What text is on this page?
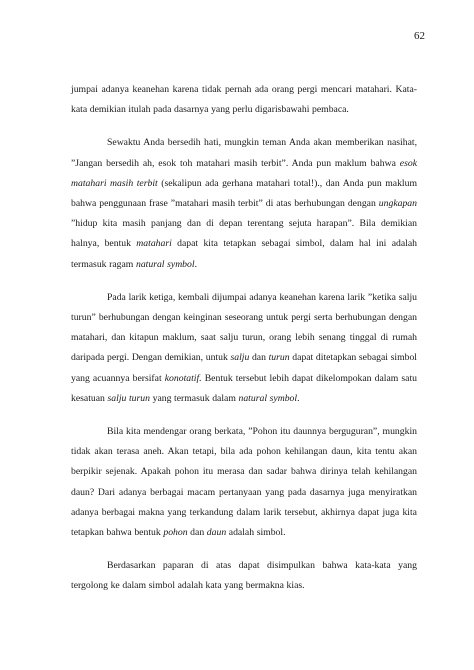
62

jumpai adanya keanehan karena tidak pernah ada orang pergi mencari matahari. Kata-kata demikian itulah pada dasarnya yang perlu digarisbawahi pembaca.

Sewaktu Anda bersedih hati, mungkin teman Anda akan memberikan nasihat, ”Jangan bersedih ah, esok toh matahari masih terbit”. Anda pun maklum bahwa esok matahari masih terbit (sekalipun ada gerhana matahari total!)., dan Anda pun maklum bahwa penggunaan frase ”matahari masih terbit” di atas berhubungan dengan ungkapan ”hidup kita masih panjang dan di depan terentang sejuta harapan”. Bila demikian halnya, bentuk matahari dapat kita tetapkan sebagai simbol, dalam hal ini adalah termasuk ragam natural symbol.

Pada larik ketiga, kembali dijumpai adanya keanehan karena larik ”ketika salju turun” berhubungan dengan keinginan seseorang untuk pergi serta berhubungan dengan matahari, dan kitapun maklum, saat salju turun, orang lebih senang tinggal di rumah daripada pergi. Dengan demikian, untuk salju dan turun dapat ditetapkan sebagai simbol yang acuannya bersifat konotatif. Bentuk tersebut lebih dapat dikelompokan dalam satu kesatuan salju turun yang termasuk dalam natural symbol.

Bila kita mendengar orang berkata, ”Pohon itu daunnya berguguran”, mungkin tidak akan terasa aneh. Akan tetapi, bila ada pohon kehilangan daun, kita tentu akan berpikir sejenak. Apakah pohon itu merasa dan sadar bahwa dirinya telah kehilangan daun? Dari adanya berbagai macam pertanyaan yang pada dasarnya juga menyiratkan adanya berbagai makna yang terkandung dalam larik tersebut, akhirnya dapat juga kita tetapkan bahwa bentuk pohon dan daun adalah simbol.

Berdasarkan paparan di atas dapat disimpulkan bahwa kata-kata yang tergolong ke dalam simbol adalah kata yang bermakna kias.
